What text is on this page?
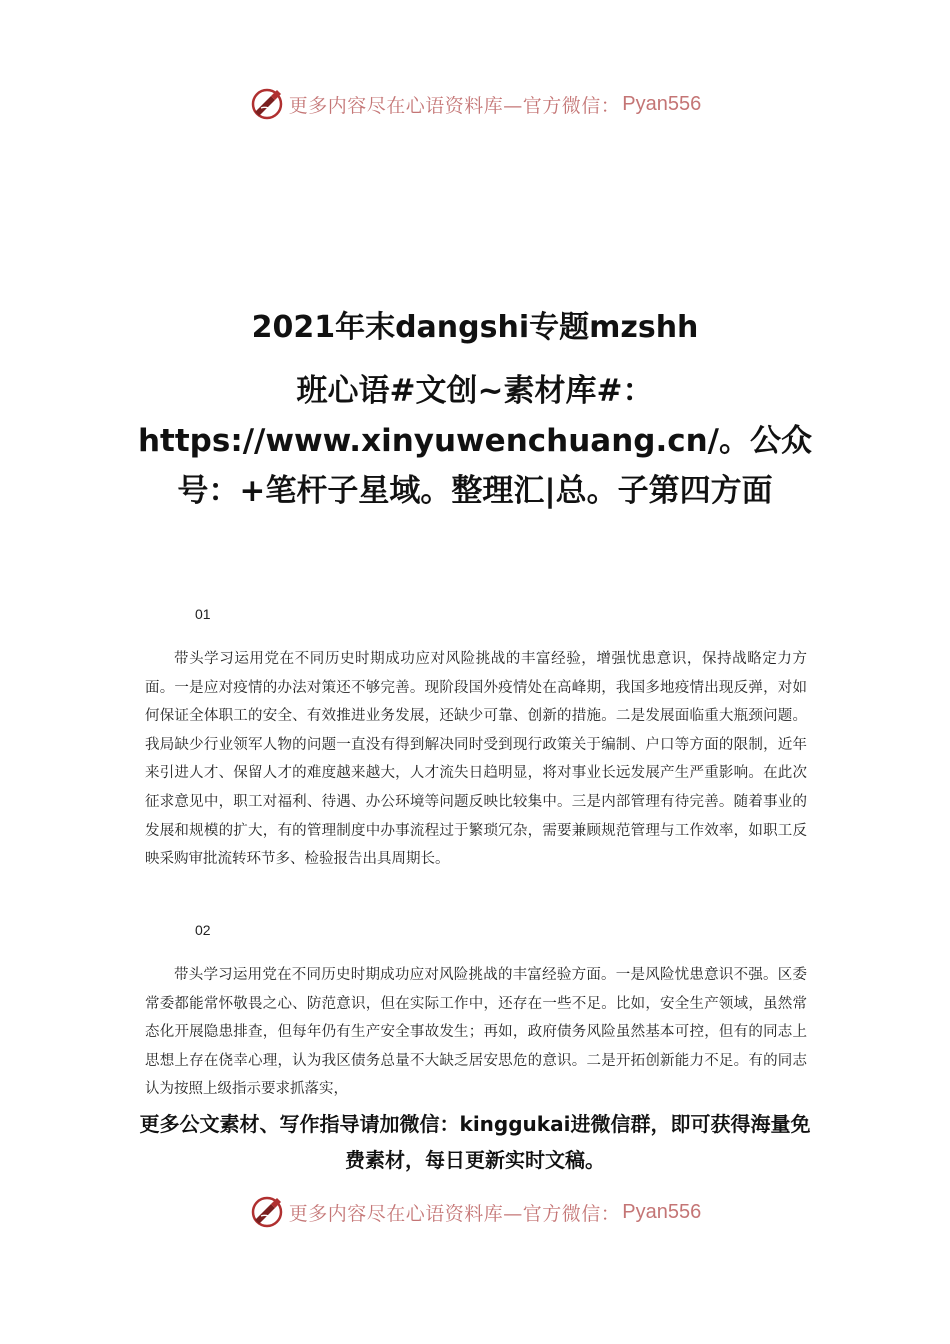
更多内容尽在心语资料库—官方微信： Pyan556
2021年末dangshi专题mzshh
班心语#文创~素材库#：https://www.xinyuwenchuang.cn/。公众号：+笔杆子星域。整理汇|总。子第四方面
01

带头学习运用党在不同历史时期成功应对风险挑战的丰富经验，增强忧患意识，保持战略定力方面。一是应对疫情的办法对策还不够完善。现阶段国外疫情处在高峰期，我国多地疫情出现反弹，对如何保证全体职工的安全、有效推进业务发展，还缺少可靠、创新的措施。二是发展面临重大瓶颈问题。我局缺少行业领军人物的问题一直没有得到解决同时受到现行政策关于编制、户口等方面的限制，近年来引进人才、保留人才的难度越来越大，人才流失日趋明显，将对事业长远发展产生严重影响。在此次征求意见中，职工对福利、待遇、办公环境等问题反映比较集中。三是内部管理有待完善。随着事业的发展和规模的扩大，有的管理制度中办事流程过于繁琐冗杂，需要兼顾规范管理与工作效率，如职工反映采购审批流转环节多、检验报告出具周期长。

02

带头学习运用党在不同历史时期成功应对风险挑战的丰富经验方面。一是风险忧患意识不强。区委常委都能常怀敬畏之心、防范意识，但在实际工作中，还存在一些不足。比如，安全生产领域，虽然常态化开展隐患排查，但每年仍有生产安全事故发生；再如，政府债务风险虽然基本可控，但有的同志上思想上存在侥幸心理，认为我区债务总量不大缺乏居安思危的意识。二是开拓创新能力不足。有的同志认为按照上级指示要求抓落实，

更多公文素材、写作指导请加微信：kinggukai进微信群，即可获得海量免费素材，每日更新实时文稿。
更多内容尽在心语资料库—官方微信： Pyan556
